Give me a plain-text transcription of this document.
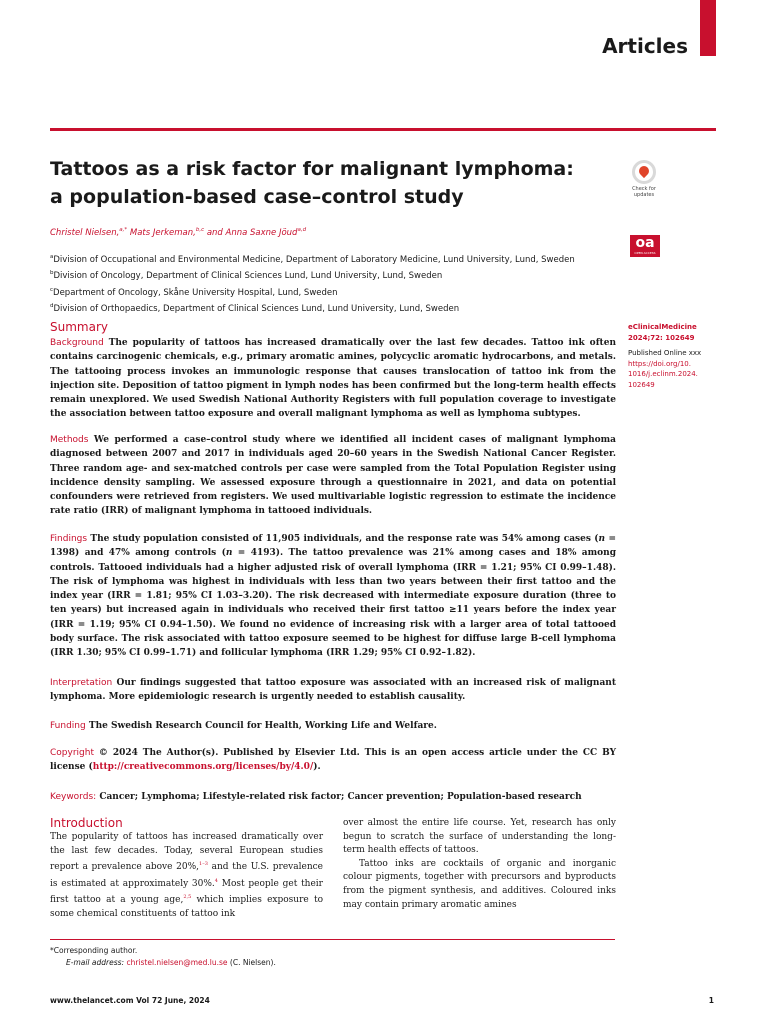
Articles
Tattoos as a risk factor for malignant lymphoma:
a population-based case–control study	Check for
updates
oa
OPEN ACCESS
Christel Nielsen,$^{a,*}$ Mats Jerkeman,$^{b,c}$ and Anna Saxne Jöud$^{a,d}$
$^a$Division of Occupational and Environmental Medicine, Department of Laboratory Medicine, Lund University, Lund, Sweden
$^b$Division of Oncology, Department of Clinical Sciences Lund, Lund University, Lund, Sweden
$^c$Department of Oncology, Skåne University Hospital, Lund, Sweden
$^d$Division of Orthopaedics, Department of Clinical Sciences Lund, Lund University, Lund, Sweden
Summary
Background The popularity of tattoos has increased dramatically over the last few decades. Tattoo ink often contains carcinogenic chemicals, e.g., primary aromatic amines, polycyclic aromatic hydrocarbons, and metals. The tattooing process invokes an immunologic response that causes translocation of tattoo ink from the injection site. Deposition of tattoo pigment in lymph nodes has been confirmed but the long-term health effects remain unexplored. We used Swedish National Authority Registers with full population coverage to investigate the association between tattoo exposure and overall malignant lymphoma as well as lymphoma subtypes.
Methods We performed a case–control study where we identified all incident cases of malignant lymphoma diagnosed between 2007 and 2017 in individuals aged 20–60 years in the Swedish National Cancer Register. Three random age- and sex-matched controls per case were sampled from the Total Population Register using incidence density sampling. We assessed exposure through a questionnaire in 2021, and data on potential confounders were retrieved from registers. We used multivariable logistic regression to estimate the incidence rate ratio (IRR) of malignant lymphoma in tattooed individuals.
Findings The study population consisted of 11,905 individuals, and the response rate was 54% among cases (n = 1398) and 47% among controls (n = 4193). The tattoo prevalence was 21% among cases and 18% among controls. Tattooed individuals had a higher adjusted risk of overall lymphoma (IRR = 1.21; 95% CI 0.99–1.48). The risk of lymphoma was highest in individuals with less than two years between their first tattoo and the index year (IRR = 1.81; 95% CI 1.03–3.20). The risk decreased with intermediate exposure duration (three to ten years) but increased again in individuals who received their first tattoo ≥11 years before the index year (IRR = 1.19; 95% CI 0.94–1.50). We found no evidence of increasing risk with a larger area of total tattooed body surface. The risk associated with tattoo exposure seemed to be highest for diffuse large B-cell lymphoma (IRR 1.30; 95% CI 0.99–1.71) and follicular lymphoma (IRR 1.29; 95% CI 0.92–1.82).
Interpretation Our findings suggested that tattoo exposure was associated with an increased risk of malignant lymphoma. More epidemiologic research is urgently needed to establish causality.
Funding The Swedish Research Council for Health, Working Life and Welfare.
Copyright © 2024 The Author(s). Published by Elsevier Ltd. This is an open access article under the CC BY license (http://creativecommons.org/licenses/by/4.0/).
Keywords: Cancer; Lymphoma; Lifestyle-related risk factor; Cancer prevention; Population-based research
eClinicalMedicine
2024;72: 102649
Published Online xxx
https://doi.org/10.
1016/j.eclinm.2024.
102649
Introduction
The popularity of tattoos has increased dramatically over the last few decades. Today, several European studies report a prevalence above 20%,$^{1-3}$ and the U.S. prevalence is estimated at approximately 30%.$^4$ Most people get their first tattoo at a young age,$^{2,5}$ which implies exposure to some chemical constituents of tattoo ink
over almost the entire life course. Yet, research has only begun to scratch the surface of understanding the long-term health effects of tattoos.
Tattoo inks are cocktails of organic and inorganic colour pigments, together with precursors and byproducts from the pigment synthesis, and additives. Coloured inks may contain primary aromatic amines
*Corresponding author.
E-mail address: christel.nielsen@med.lu.se (C. Nielsen).
www.thelancet.com Vol 72 June, 2024	1
